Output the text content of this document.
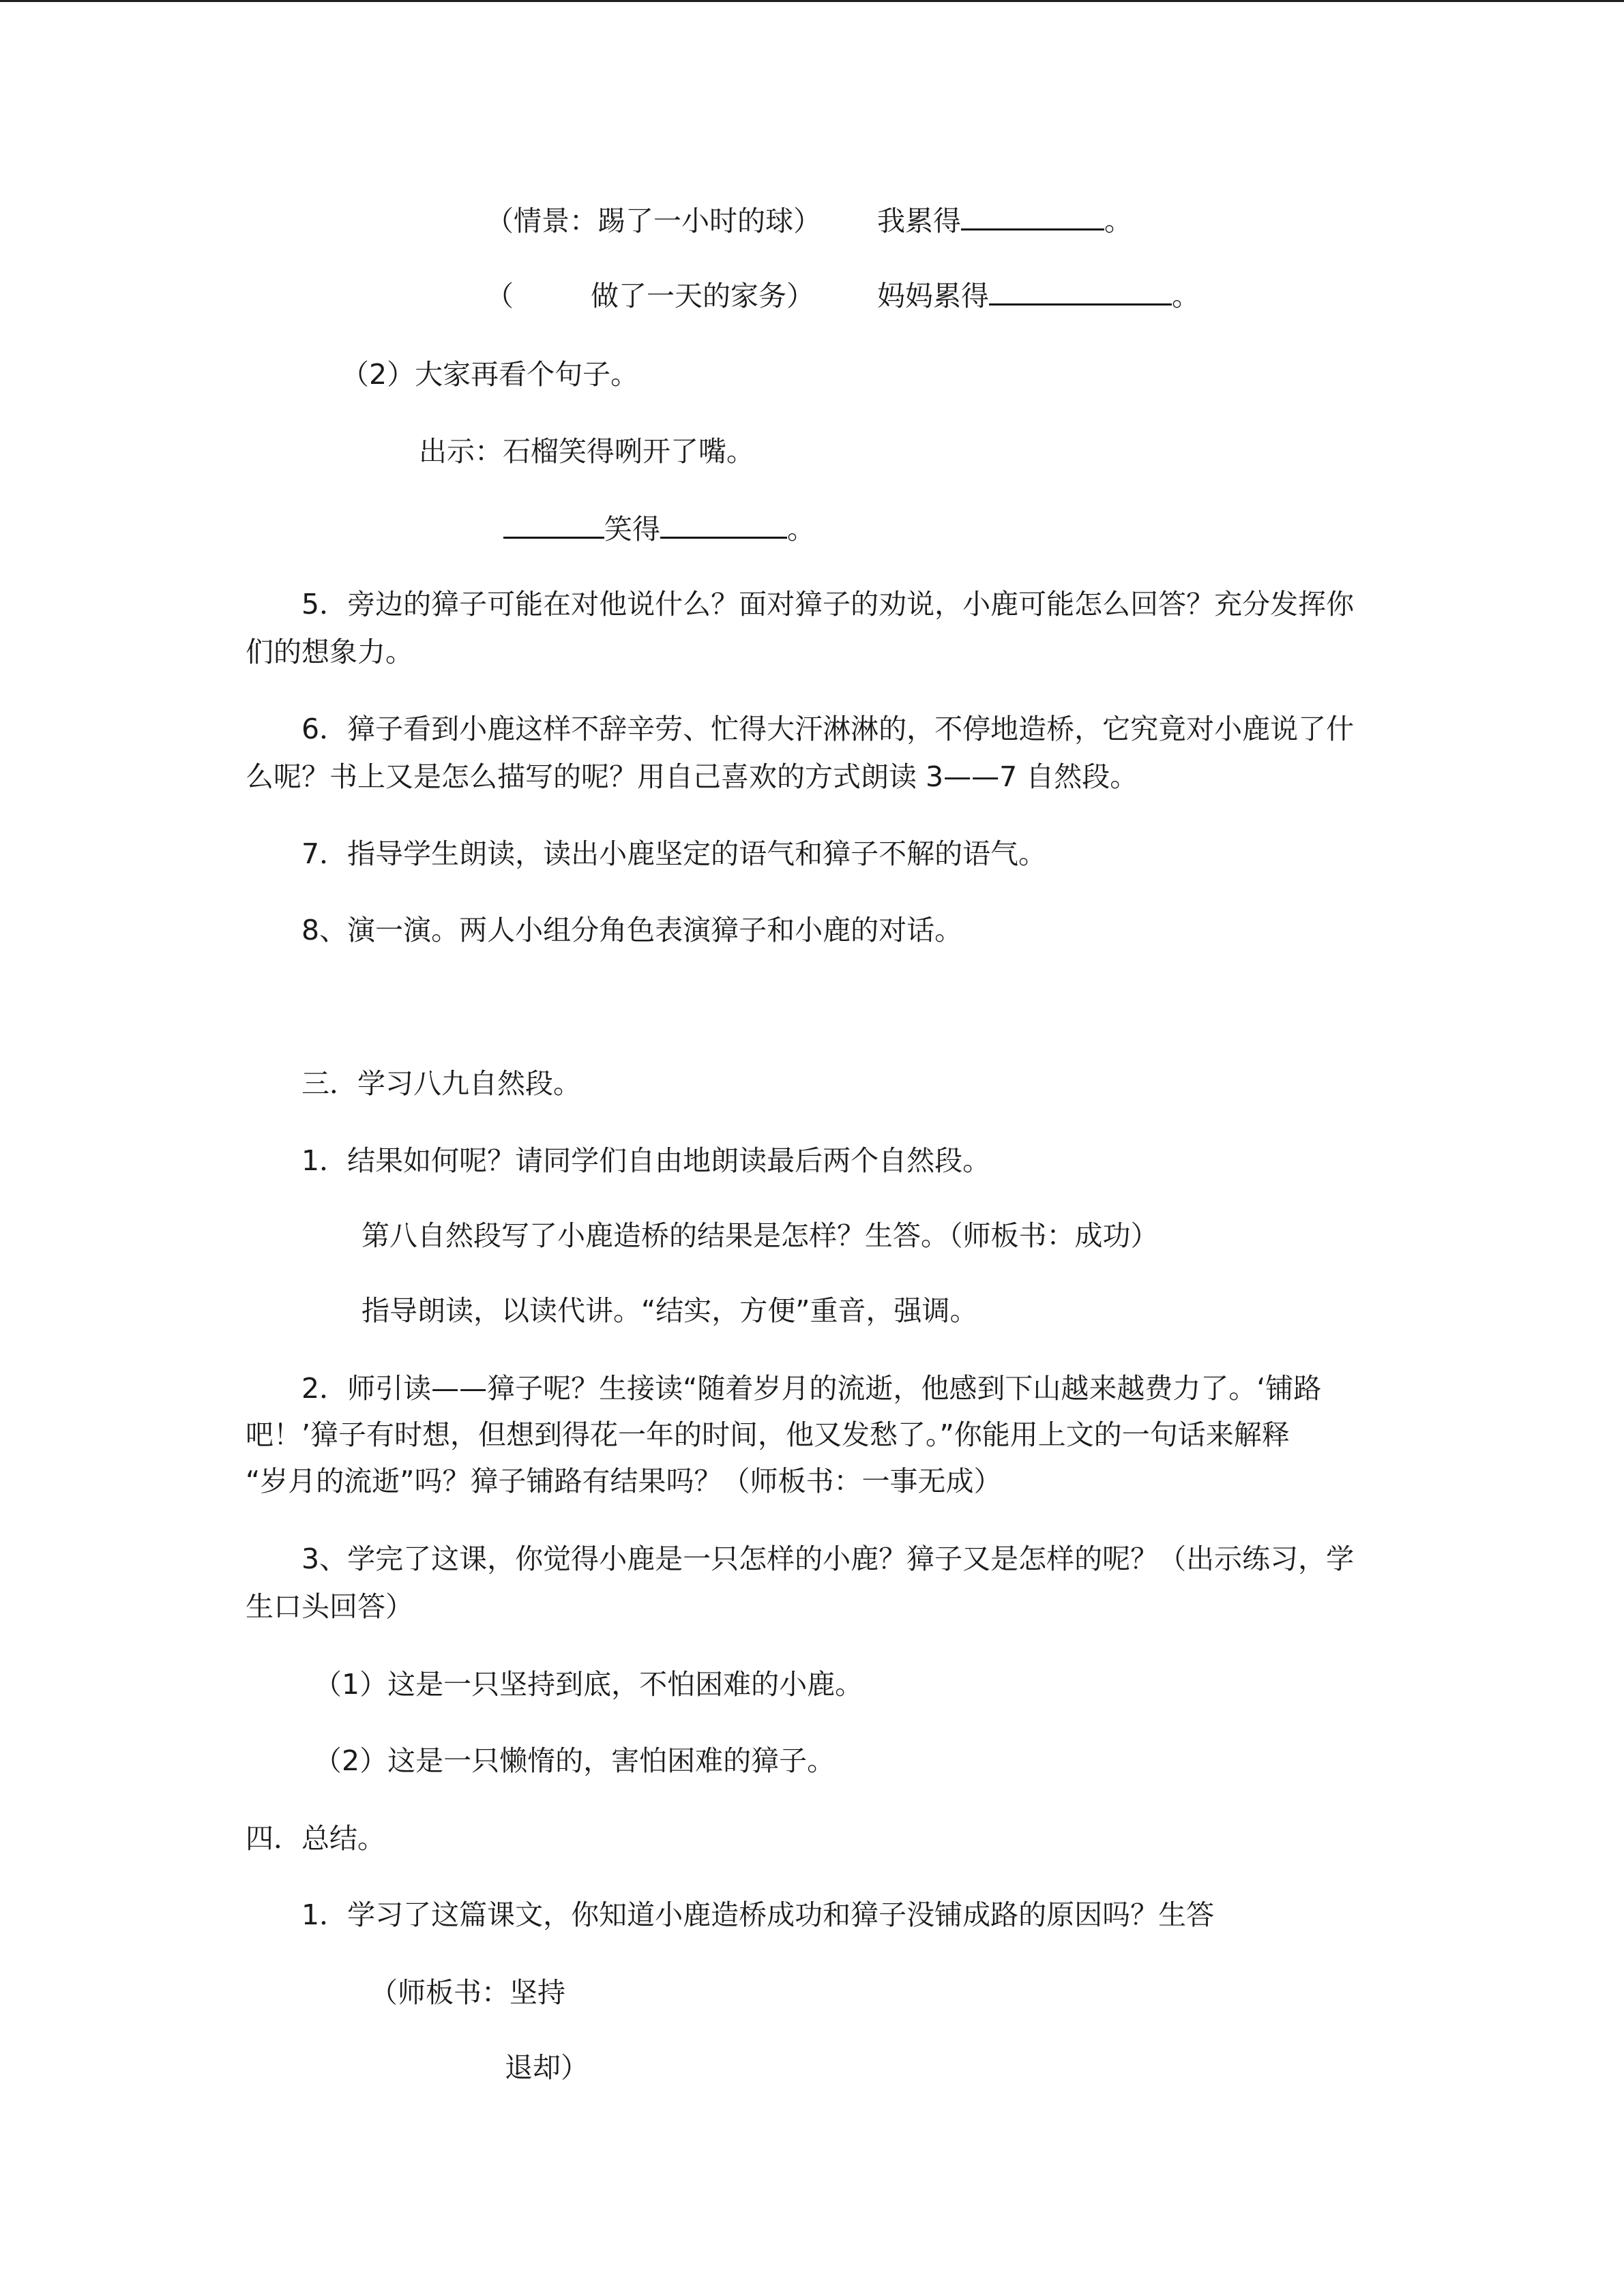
（情景：踢了一小时的球） 我累得	。
（	做了一天的家务） 妈妈累得	。
（2）大家再看个句子。
出示：石榴笑得咧开了嘴。
笑得	。
5．旁边的獐子可能在对他说什么？面对獐子的劝说，小鹿可能怎么回答？充分发挥你
们的想象力。
6．獐子看到小鹿这样不辞辛劳、忙得大汗淋淋的，不停地造桥，它究竟对小鹿说了什
么呢？书上又是怎么描写的呢？用自己喜欢的方式朗读 3——7 自然段。
7．指导学生朗读，读出小鹿坚定的语气和獐子不解的语气。
8、演一演。两人小组分角色表演獐子和小鹿的对话。
三．学习八九自然段。
1．结果如何呢？请同学们自由地朗读最后两个自然段。
第八自然段写了小鹿造桥的结果是怎样？生答。（师板书：成功）
指导朗读，以读代讲。“结实，方便”重音，强调。
2．师引读——獐子呢？生接读“随着岁月的流逝，他感到下山越来越费力了。‘铺路
吧！’獐子有时想，但想到得花一年的时间，他又发愁了。”你能用上文的一句话来解释
“岁月的流逝”吗？獐子铺路有结果吗？（师板书：一事无成）
3、学完了这课，你觉得小鹿是一只怎样的小鹿？獐子又是怎样的呢？（出示练习，学
生口头回答）
（1）这是一只坚持到底，不怕困难的小鹿。
（2）这是一只懒惰的，害怕困难的獐子。
四．总结。
1．学习了这篇课文，你知道小鹿造桥成功和獐子没铺成路的原因吗？生答
（师板书：坚持
退却）
